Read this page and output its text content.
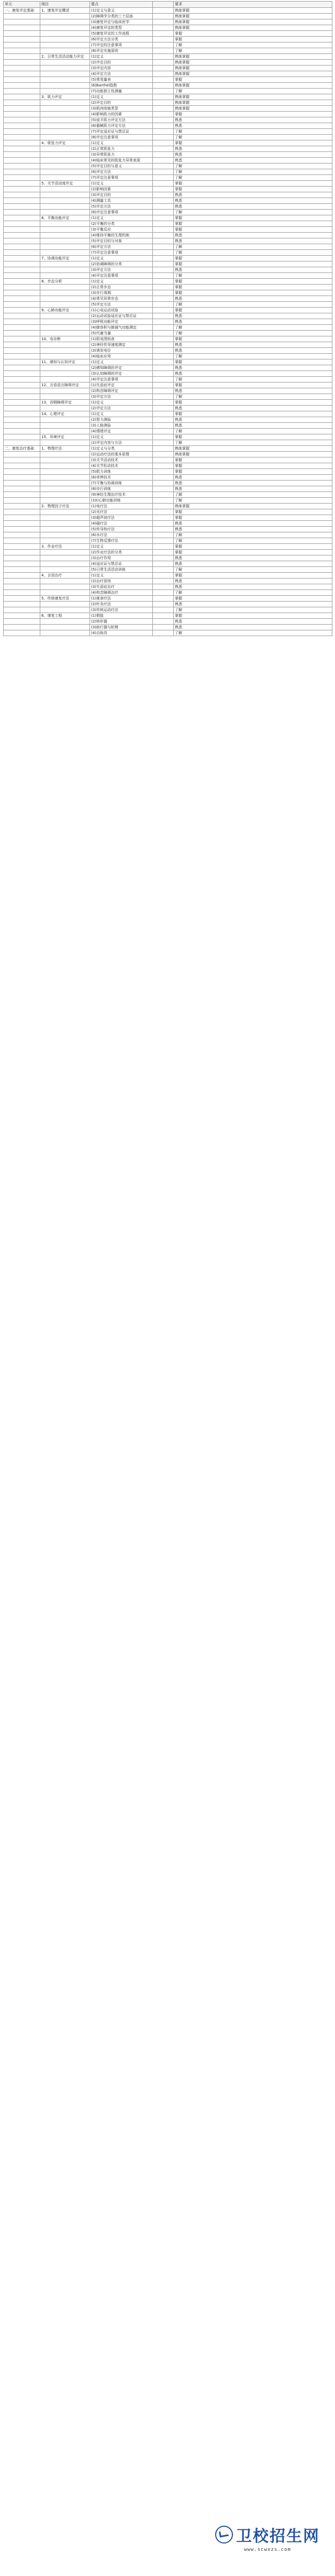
单元	细目	要点		要求
一、康复评定基础	1、康复评定概述	(1)定义与意义		熟练掌握
		(2)障碍学分类的三个层面		熟练掌握
		(3)康复评定与临床医学		熟练掌握
		(4)康复评定的类型		熟练掌握
		(5)康复评定的工作流程		掌握
		(6)评定方法分类		掌握
		(7)评定的注意事项		了解
		(8)评定实施原则		了解
	2、日常生活活动能力评定	(1)定义		熟练掌握
		(2)评定目的		熟练掌握
		(3)评定内容		熟练掌握
		(4)评定方法		熟练掌握
		(5)常用量表		掌握
		(6)Barthel指数		熟练掌握
		(7)功能独立性测量		了解
	3、肌力评定	(1)定义		熟练掌握
		(2)评定目的		熟练掌握
		(3)肌肉收缩类型		熟练掌握
		(4)影响肌力的因素		掌握
		(5)徒手肌力评定方法		熟悉
		(6)器械肌力评定方法		熟悉
		(7)评定适应证与禁忌证		了解
		(8)评定注意事项		了解
	4、肌张力评定	(1)定义		掌握
		(2)正常肌张力		熟悉
		(3)异常肌张力		熟悉
		(4)临床常见的肌张力异常表现		熟悉
		(5)评定目的与意义		了解
		(6)评定方法		了解
		(7)评定注意事项		了解
	5、关节活动度评定	(1)定义		掌握
		(2)影响因素		掌握
		(3)评定目的		熟悉
		(4)测量工具		熟悉
		(5)评定方法		熟悉
		(6)评定注意事项		了解
	6、平衡功能评定	(1)定义		掌握
		(2)平衡的分类		掌握
		(3)平衡反应		掌握
		(4)维持平衡的生理机制		熟悉
		(5)评定目的与对象		熟悉
		(6)评定方法		了解
		(7)评定注意事项		了解
	7、协调功能评定	(1)定义		掌握
		(2)协调障碍的分类		掌握
		(3)评定方法		熟悉
		(4)评定注意事项		了解
	8、步态分析	(1)定义		掌握
		(2)正常步态		掌握
		(3)步行周期		掌握
		(4)常见异常步态		熟悉
		(5)评定方法		了解
	9、心肺功能评定	(1)心电运动试验		掌握
		(2)运动试验适应证与禁忌证		熟悉
		(3)呼吸功能评定		熟悉
		(4)肺容积与肺通气功能测定		了解
		(5)代谢当量		了解
	10、电诊断	(1)肌电图检查		掌握
		(2)神经传导速度测定		熟悉
		(3)诱发电位		熟悉
		(4)临床应用		了解
	11、感知与认知评定	(1)定义		掌握
		(2)感知障碍的评定		熟悉
		(3)认知障碍的评定		熟悉
		(4)评定注意事项		了解
	12、言语语言障碍评定	(1)失语症评定		掌握
		(2)构音障碍评定		熟悉
		(3)评定方法		了解
	13、吞咽障碍评定	(1)定义		掌握
		(2)评定方法		熟悉
	14、心理评定	(1)定义		掌握
		(2)智力测验		熟悉
		(3)人格测验		熟悉
		(4)情绪评定		了解
	15、环境评定	(1)定义		掌握
		(2)评定内容与方法		了解
二、康复治疗基础	1、物理疗法	(1)定义与分类		熟练掌握
		(2)运动疗法的基本原理		熟练掌握
		(3)关节活动技术		掌握
		(4)关节松动技术		掌握
		(5)肌力训练		掌握
		(6)牵伸技术		熟悉
		(7)平衡与协调训练		熟悉
		(8)步行训练		熟悉
		(9)神经生理治疗技术		了解
		(10)心肺功能训练		了解
	2、物理因子疗法	(1)电疗法		熟练掌握
		(2)光疗法		掌握
		(3)超声波疗法		掌握
		(4)磁疗法		熟悉
		(5)传导热疗法		熟悉
		(6)水疗法		了解
		(7)生物反馈疗法		了解
	3、作业疗法	(1)定义		掌握
		(2)作业疗法的分类		掌握
		(3)治疗作用		熟悉
		(4)适应证与禁忌证		熟悉
		(5)日常生活活动训练		了解
	4、言语治疗	(1)定义		掌握
		(2)治疗原则		熟悉
		(3)失语症治疗		熟悉
		(4)构音障碍治疗		了解
	5、传统康复疗法	(1)推拿疗法		掌握
		(2)针灸疗法		熟悉
		(3)传统运动疗法		了解
	6、康复工程	(1)假肢		掌握
		(2)矫形器		熟悉
		(3)助行器与轮椅		熟悉
		(4)自助具		了解
卫校招生网
www.scwxzs.com
